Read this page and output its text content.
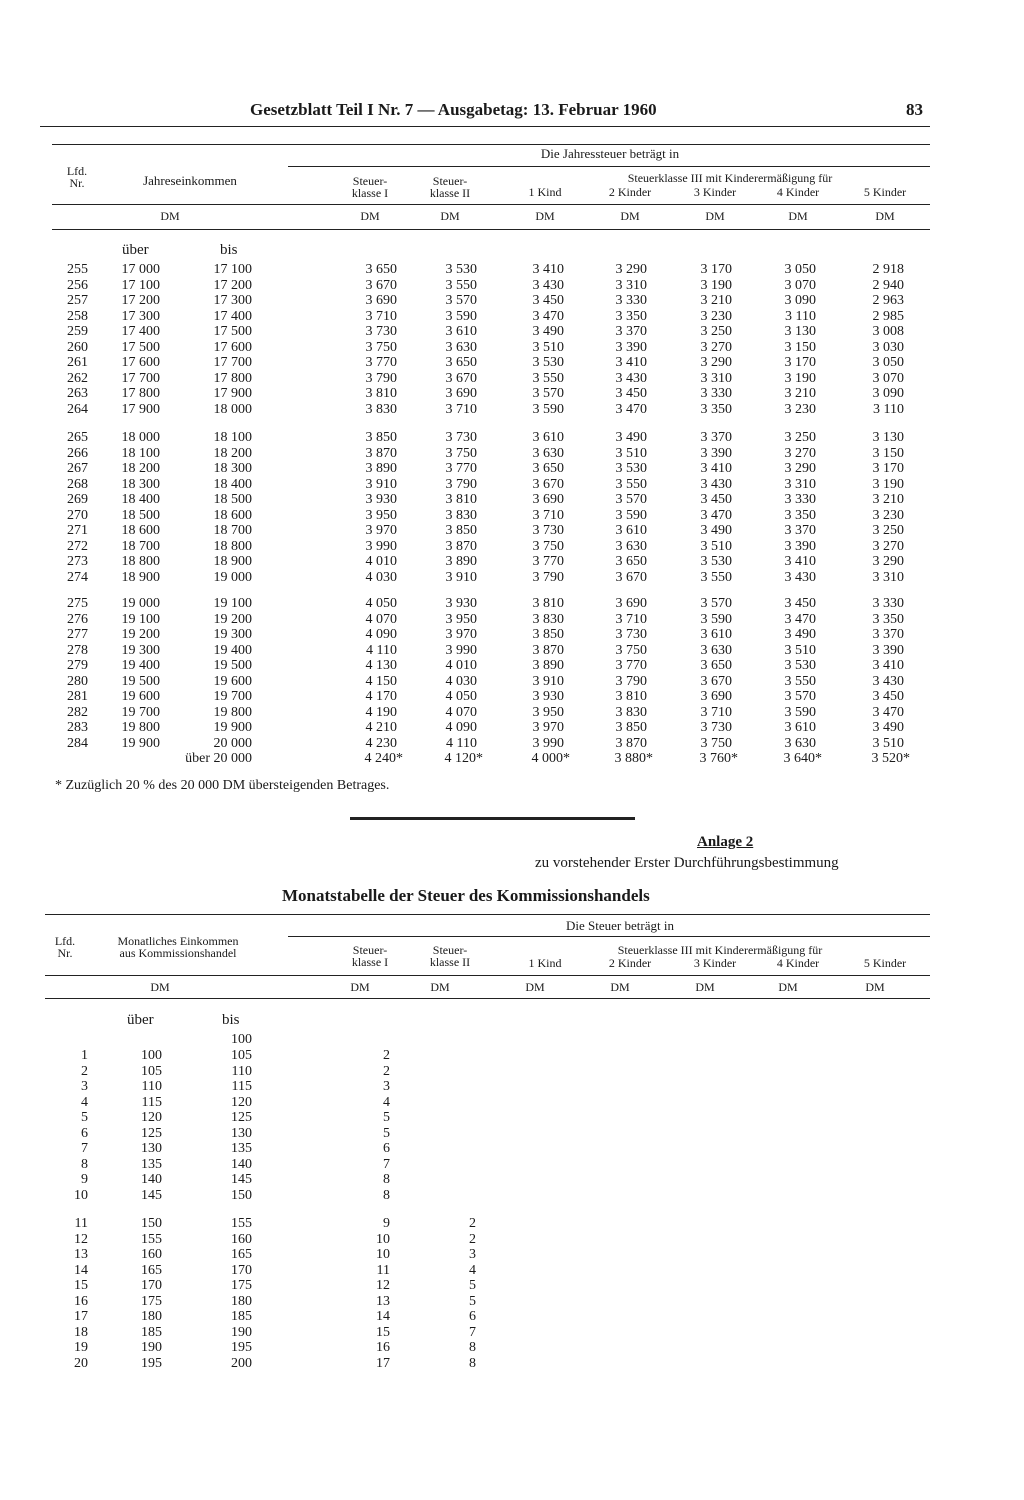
Gesetzblatt Teil I Nr. 7 — Ausgabetag: 13. Februar 1960	83
Lfd.
Nr.	Jahreseinkommen
Die Jahressteuer beträgt in
Steuerklasse III mit Kinderermäßigung für
Steuer-
klasse I
Steuer-
klasse II	1 Kind	2 Kinder	3 Kinder	4 Kinder	5 Kinder
DM	DM	DM	DM	DM	DM	DM	DM
über	bis
255	17 000	17 100	3 650	3 530	3 410	3 290	3 170	3 050	2 918
256	17 100	17 200	3 670	3 550	3 430	3 310	3 190	3 070	2 940
257	17 200	17 300	3 690	3 570	3 450	3 330	3 210	3 090	2 963
258	17 300	17 400	3 710	3 590	3 470	3 350	3 230	3 110	2 985
259	17 400	17 500	3 730	3 610	3 490	3 370	3 250	3 130	3 008
260	17 500	17 600	3 750	3 630	3 510	3 390	3 270	3 150	3 030
261	17 600	17 700	3 770	3 650	3 530	3 410	3 290	3 170	3 050
262	17 700	17 800	3 790	3 670	3 550	3 430	3 310	3 190	3 070
263	17 800	17 900	3 810	3 690	3 570	3 450	3 330	3 210	3 090
264	17 900	18 000	3 830	3 710	3 590	3 470	3 350	3 230	3 110
265	18 000	18 100	3 850	3 730	3 610	3 490	3 370	3 250	3 130
266	18 100	18 200	3 870	3 750	3 630	3 510	3 390	3 270	3 150
267	18 200	18 300	3 890	3 770	3 650	3 530	3 410	3 290	3 170
268	18 300	18 400	3 910	3 790	3 670	3 550	3 430	3 310	3 190
269	18 400	18 500	3 930	3 810	3 690	3 570	3 450	3 330	3 210
270	18 500	18 600	3 950	3 830	3 710	3 590	3 470	3 350	3 230
271	18 600	18 700	3 970	3 850	3 730	3 610	3 490	3 370	3 250
272	18 700	18 800	3 990	3 870	3 750	3 630	3 510	3 390	3 270
273	18 800	18 900	4 010	3 890	3 770	3 650	3 530	3 410	3 290
274	18 900	19 000	4 030	3 910	3 790	3 670	3 550	3 430	3 310
275	19 000	19 100	4 050	3 930	3 810	3 690	3 570	3 450	3 330
276	19 100	19 200	4 070	3 950	3 830	3 710	3 590	3 470	3 350
277	19 200	19 300	4 090	3 970	3 850	3 730	3 610	3 490	3 370
278	19 300	19 400	4 110	3 990	3 870	3 750	3 630	3 510	3 390
279	19 400	19 500	4 130	4 010	3 890	3 770	3 650	3 530	3 410
280	19 500	19 600	4 150	4 030	3 910	3 790	3 670	3 550	3 430
281	19 600	19 700	4 170	4 050	3 930	3 810	3 690	3 570	3 450
282	19 700	19 800	4 190	4 070	3 950	3 830	3 710	3 590	3 470
283	19 800	19 900	4 210	4 090	3 970	3 850	3 730	3 610	3 490
284	19 900	20 000	4 230	4 110	3 990	3 870	3 750	3 630	3 510
über 20 000	4 240*	4 120*	4 000*	3 880*	3 760*	3 640*	3 520*
* Zuzüglich 20 % des 20 000 DM übersteigenden Betrages.
Anlage 2
zu vorstehender Erster Durchführungsbestimmung
Monatstabelle der Steuer des Kommissionshandels
Lfd.
Nr.
Monatliches Einkommen
aus Kommissionshandel
Die Steuer beträgt in
Steuerklasse III mit Kinderermäßigung für
Steuer-
klasse I
Steuer-
klasse II	1 Kind	2 Kinder	3 Kinder	4 Kinder	5 Kinder
DM	DM	DM	DM	DM	DM	DM	DM
über	bis
100
1	100	105	2
2	105	110	2
3	110	115	3
4	115	120	4
5	120	125	5
6	125	130	5
7	130	135	6
8	135	140	7
9	140	145	8
10	145	150	8
11	150	155	9	2
12	155	160	10	2
13	160	165	10	3
14	165	170	11	4
15	170	175	12	5
16	175	180	13	5
17	180	185	14	6
18	185	190	15	7
19	190	195	16	8
20	195	200	17	8
